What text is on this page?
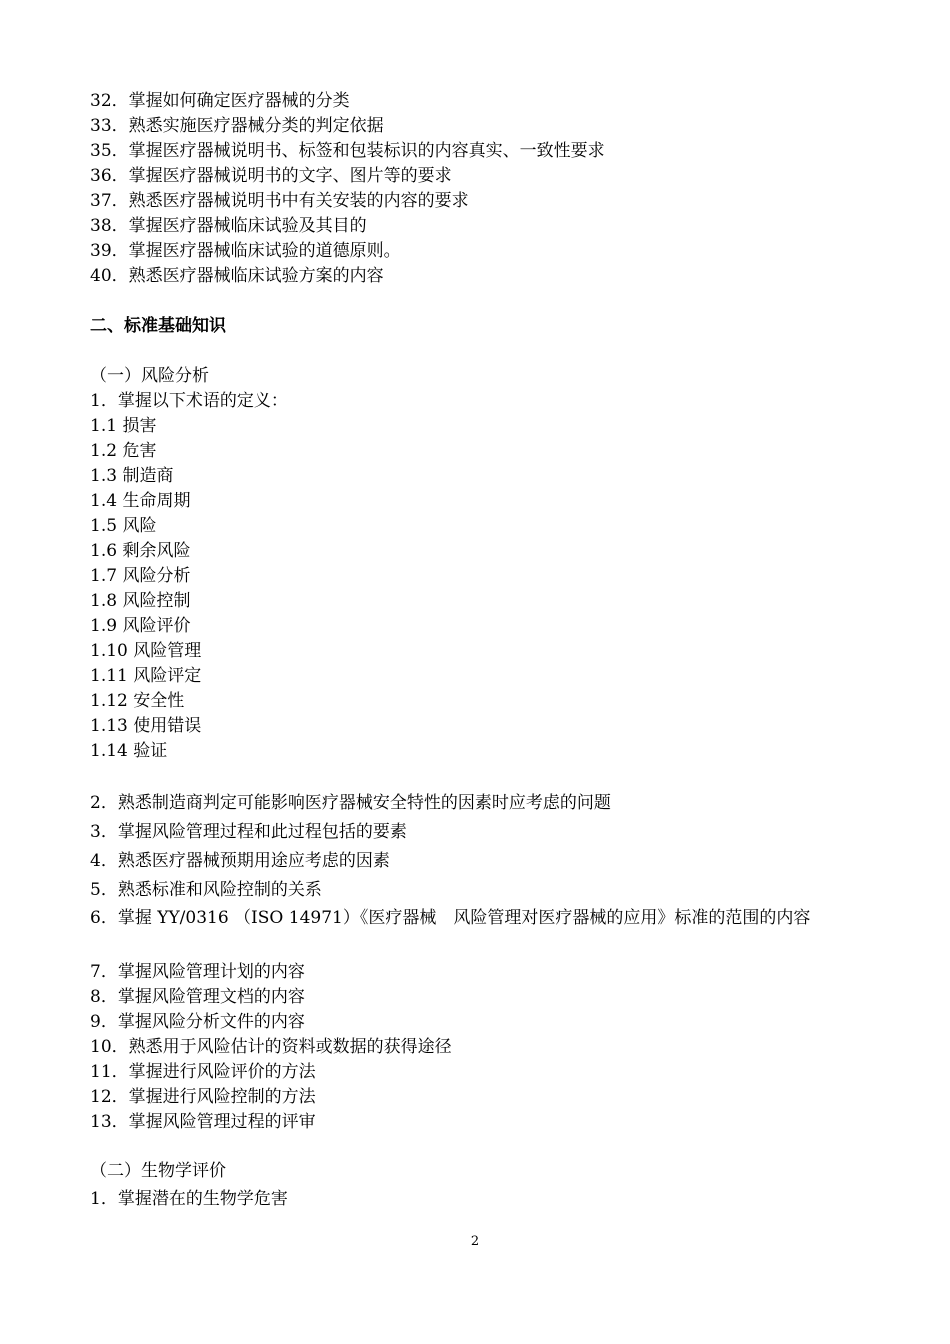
32．掌握如何确定医疗器械的分类
33．熟悉实施医疗器械分类的判定依据
35．掌握医疗器械说明书、标签和包装标识的内容真实、一致性要求
36．掌握医疗器械说明书的文字、图片等的要求
37．熟悉医疗器械说明书中有关安装的内容的要求
38．掌握医疗器械临床试验及其目的
39．掌握医疗器械临床试验的道德原则。
40．熟悉医疗器械临床试验方案的内容
二、标准基础知识
（一）风险分析
1．掌握以下术语的定义：
1.1 损害
1.2 危害
1.3 制造商
1.4 生命周期
1.5 风险
1.6 剩余风险
1.7 风险分析
1.8 风险控制
1.9 风险评价
1.10 风险管理
1.11 风险评定
1.12 安全性
1.13 使用错误
1.14 验证
2．熟悉制造商判定可能影响医疗器械安全特性的因素时应考虑的问题
3．掌握风险管理过程和此过程包括的要素
4．熟悉医疗器械预期用途应考虑的因素
5．熟悉标准和风险控制的关系
6．掌握 YY/0316 （ISO 14971）《医疗器械　风险管理对医疗器械的应用》标准的范围的内容
7．掌握风险管理计划的内容
8．掌握风险管理文档的内容
9．掌握风险分析文件的内容
10．熟悉用于风险估计的资料或数据的获得途径
11．掌握进行风险评价的方法
12．掌握进行风险控制的方法
13．掌握风险管理过程的评审
（二）生物学评价
1．掌握潜在的生物学危害
2
